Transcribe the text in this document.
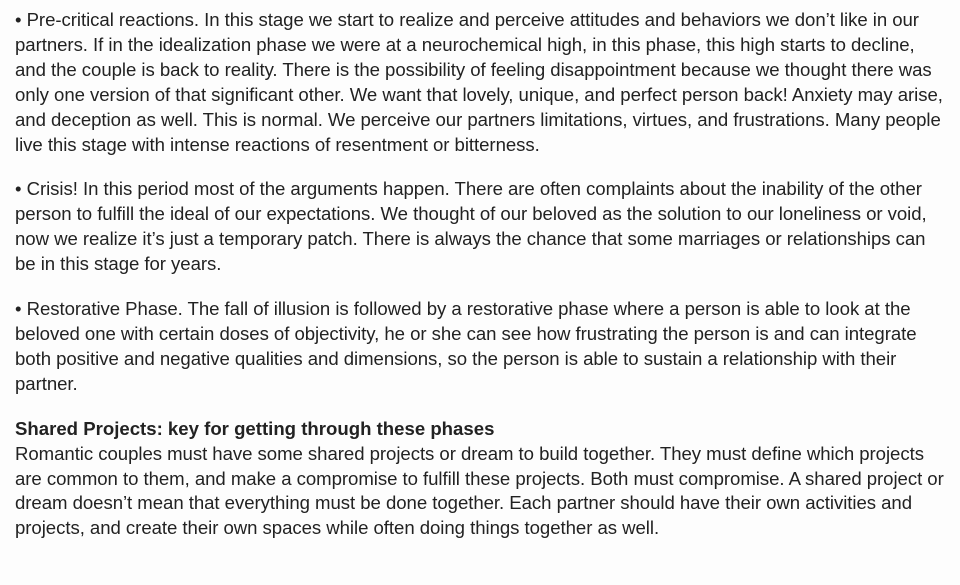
• Pre-critical reactions. In this stage we start to realize and perceive attitudes and behaviors we don’t like in our partners. If in the idealization phase we were at a neurochemical high, in this phase, this high starts to decline, and the couple is back to reality. There is the possibility of feeling disappointment because we thought there was only one version of that significant other. We want that lovely, unique, and perfect person back! Anxiety may arise, and deception as well. This is normal. We perceive our partners limitations, virtues, and frustrations. Many people live this stage with intense reactions of resentment or bitterness.

• Crisis! In this period most of the arguments happen. There are often complaints about the inability of the other person to fulfill the ideal of our expectations. We thought of our beloved as the solution to our loneliness or void, now we realize it’s just a temporary patch. There is always the chance that some marriages or relationships can be in this stage for years.

• Restorative Phase. The fall of illusion is followed by a restorative phase where a person is able to look at the beloved one with certain doses of objectivity, he or she can see how frustrating the person is and can integrate both positive and negative qualities and dimensions, so the person is able to sustain a relationship with their partner.

Shared Projects: key for getting through these phases

Romantic couples must have some shared projects or dream to build together. They must define which projects are common to them, and make a compromise to fulfill these projects. Both must compromise. A shared project or dream doesn’t mean that everything must be done together. Each partner should have their own activities and projects, and create their own spaces while often doing things together as well.
